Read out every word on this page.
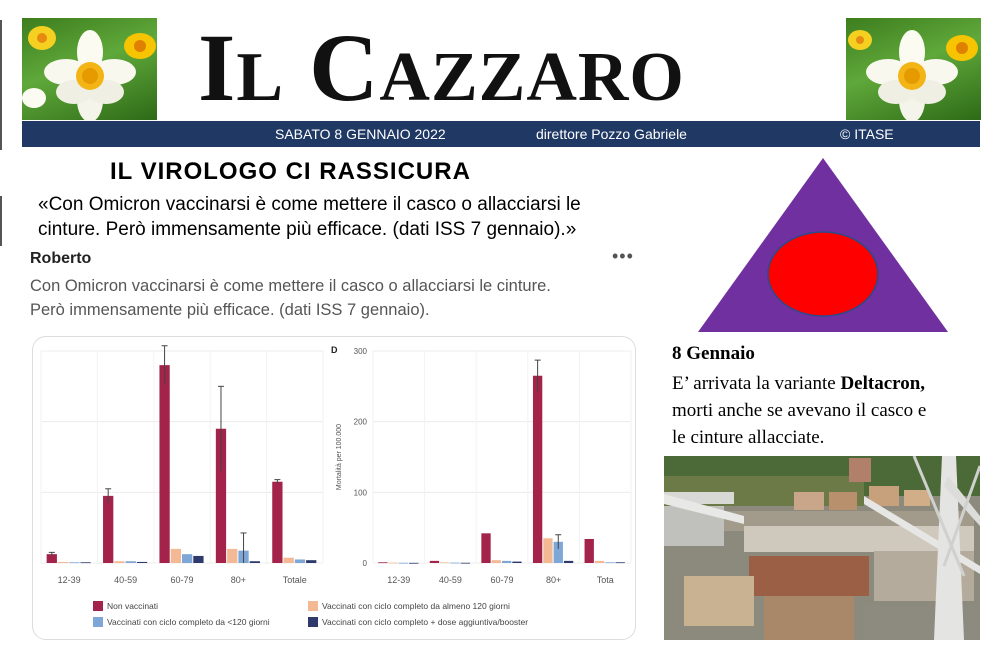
IL CAZZARO
SABATO 8 GENNAIO 2022	direttore Pozzo Gabriele	© ITASE
IL VIROLOGO CI RASSICURA
«Con Omicron vaccinarsi è come mettere il casco o allacciarsi le
cinture. Però immensamente più efficace. (dati ISS 7 gennaio).»
Roberto	•••
Con Omicron vaccinarsi è come mettere il casco o allacciarsi le cinture.
Però immensamente più efficace. (dati ISS 7 gennaio).
12-39	40-59	60-79	80+	Totale	12-39	40-59	60-79	80+	Tota
0
100
200
300
Mortalità per 100.000
D
Non vaccinati	Vaccinati con ciclo completo da almeno 120 giorni
Vaccinati con ciclo completo da <120 giorni	Vaccinati con ciclo completo + dose aggiuntiva/booster
8 Gennaio
E’ arrivata la variante Deltacron,
morti anche se avevano il casco e
le cinture allacciate.
